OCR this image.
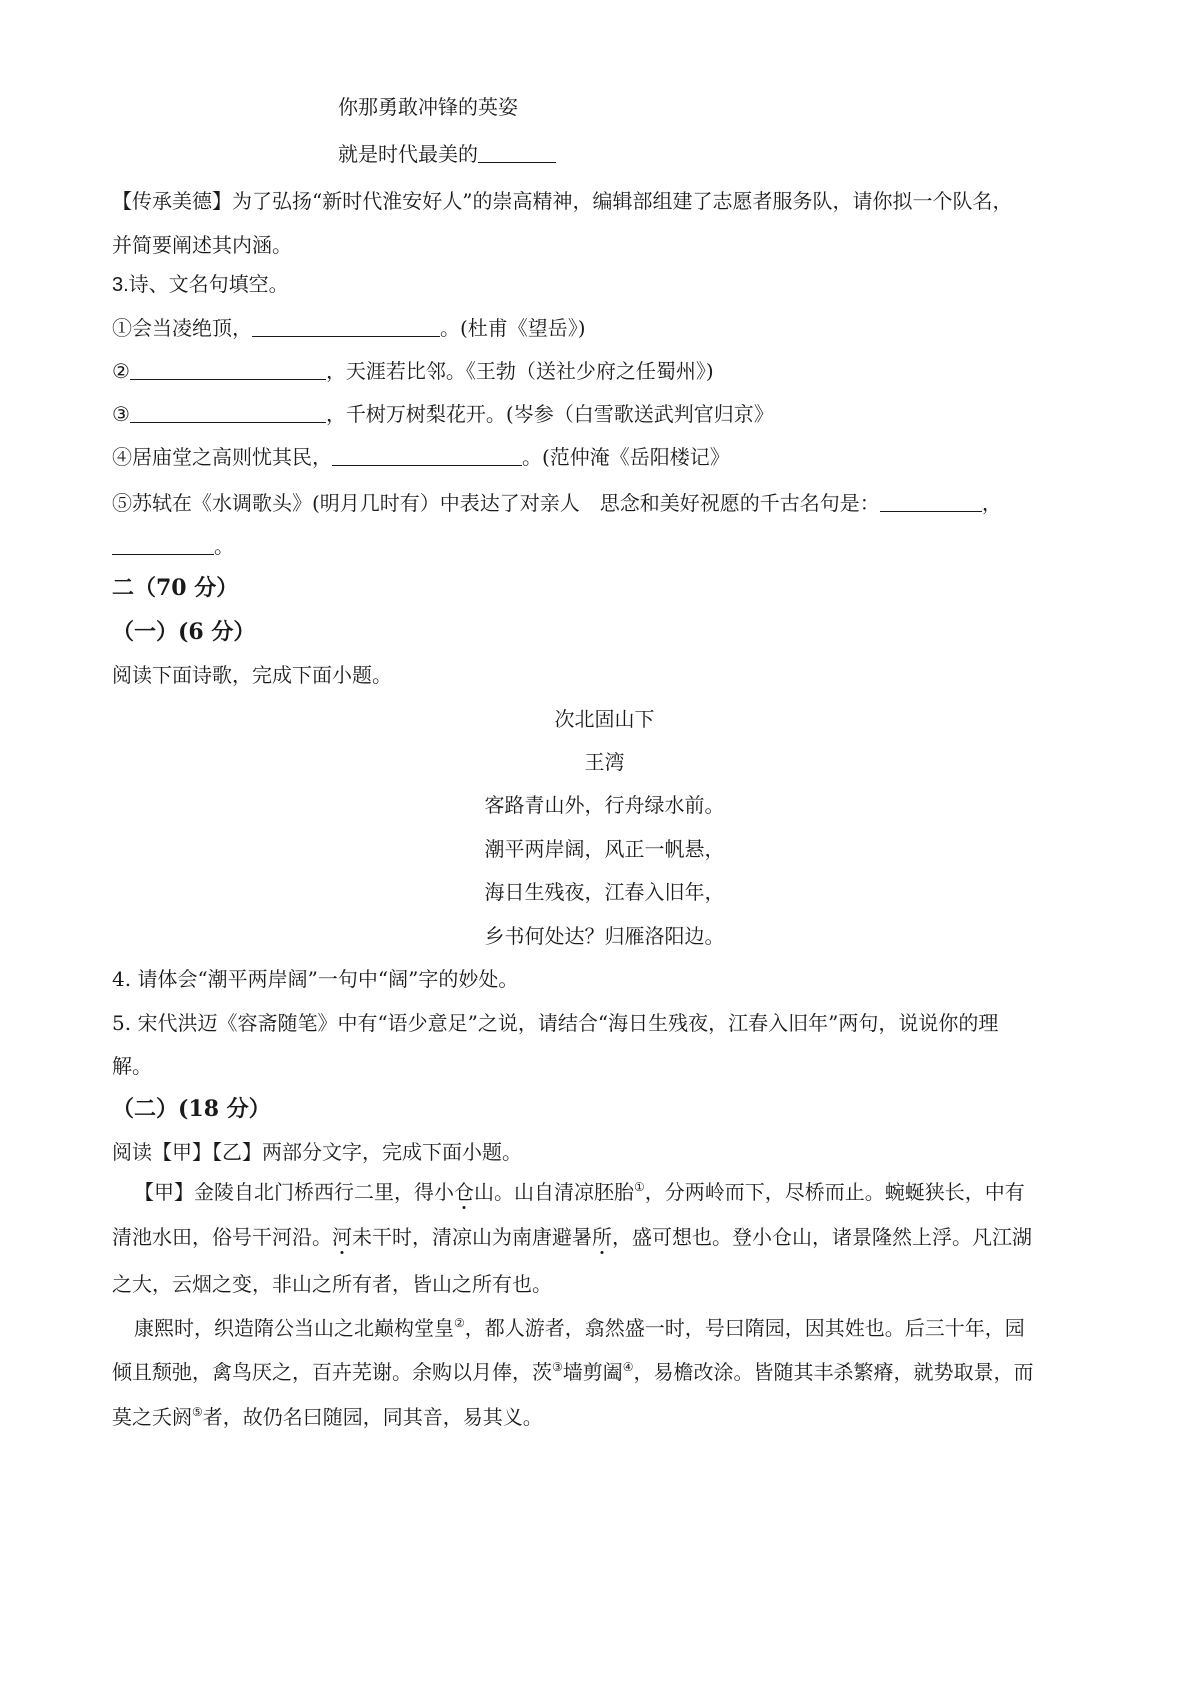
你那勇敢冲锋的英姿
就是时代最美的
【传承美德】为了弘扬“新时代淮安好人”的崇高精神，编辑部组建了志愿者服务队，请你拟一个队名，
并简要阐述其内涵。
3.诗、文名句填空。
①会当凌绝顶，	。(杜甫《望岳》)
②	，天涯若比邻。《王勃（送社少府之任蜀州》)
③	，千树万树梨花开。(岑参（白雪歌送武判官归京》
④居庙堂之高则忧其民，	。(范仲淹《岳阳楼记》
⑤苏轼在《水调歌头》(明月几时有）中表达了对亲人　思念和美好祝愿的千古名句是：	，
。
二（70 分）
（一）(6 分）
阅读下面诗歌，完成下面小题。
次北固山下
王湾
客路青山外，行舟绿水前。
潮平两岸阔，风正一帆悬，
海日生残夜，江春入旧年，
乡书何处达？归雁洛阳边。
4. 请体会“潮平两岸阔”一句中“阔”字的妙处。
5. 宋代洪迈《容斋随笔》中有“语少意足”之说，请结合“海日生残夜，江春入旧年”两句，说说你的理
解。
（二）(18 分）
阅读【甲】【乙】两部分文字，完成下面小题。
【甲】金陵自北门桥西行二里，得小仓山。山自清凉胚胎①，分两岭而下，尽桥而止。蜿蜒狭长，中有
清池水田，俗号干河沿。河未干时，清凉山为南唐避暑所，盛可想也。登小仓山，诸景隆然上浮。凡江湖
之大，云烟之变，非山之所有者，皆山之所有也。
康熙时，织造隋公当山之北巅构堂皇②，都人游者，翕然盛一时，号曰隋园，因其姓也。后三十年，园
倾且颓弛，禽鸟厌之，百卉芜谢。余购以月俸，茨③墙剪阖④，易檐改涂。皆随其丰杀繁瘠，就势取景，而
莫之夭阏⑤者，故仍名曰随园，同其音，易其义。
